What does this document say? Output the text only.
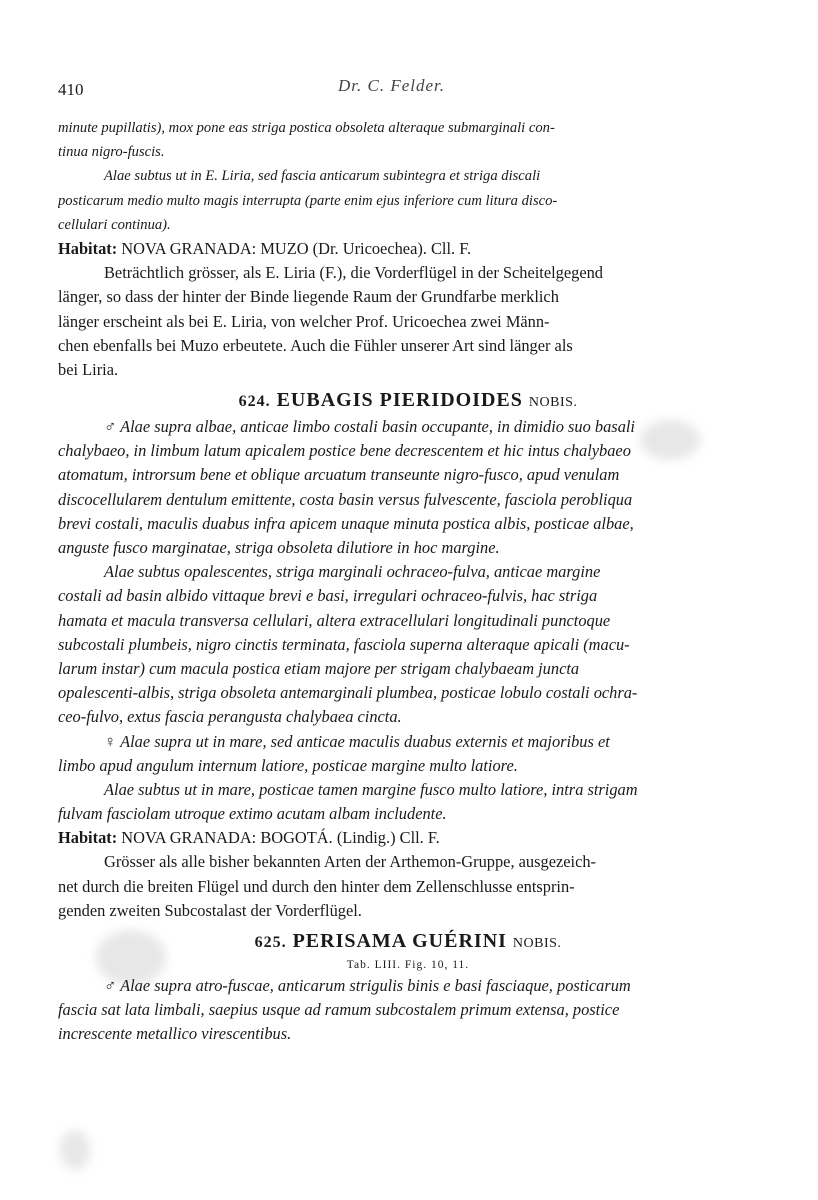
410	Dr. C. Felder.
minute pupillatis), mox pone eas striga postica obsoleta alteraque submarginali con-
tinua nigro-fuscis.
Alae subtus ut in E. Liria, sed fascia anticarum subintegra et striga discali
posticarum medio multo magis interrupta (parte enim ejus inferiore cum litura disco-
cellulari continua).
Habitat: NOVA GRANADA: MUZO (Dr. Uricoechea). Cll. F.
Beträchtlich grösser, als E. Liria (F.), die Vorderflügel in der Scheitelgegend
länger, so dass der hinter der Binde liegende Raum der Grundfarbe merklich
länger erscheint als bei E. Liria, von welcher Prof. Uricoechea zwei Männ-
chen ebenfalls bei Muzo erbeutete. Auch die Fühler unserer Art sind länger als
bei Liria.
624. EUBAGIS PIERIDOIDES NOBIS.
♂ Alae supra albae, anticae limbo costali basin occupante, in dimidio suo basali
chalybaeo, in limbum latum apicalem postice bene decrescentem et hic intus chalybaeo
atomatum, introrsum bene et oblique arcuatum transeunte nigro-fusco, apud venulam
discocellularem dentulum emittente, costa basin versus fulvescente, fasciola perobliqua
brevi costali, maculis duabus infra apicem unaque minuta postica albis, posticae albae,
anguste fusco marginatae, striga obsoleta dilutiore in hoc margine.
Alae subtus opalescentes, striga marginali ochraceo-fulva, anticae margine
costali ad basin albido vittaque brevi e basi, irregulari ochraceo-fulvis, hac striga
hamata et macula transversa cellulari, altera extracellulari longitudinali punctoque
subcostali plumbeis, nigro cinctis terminata, fasciola superna alteraque apicali (macu-
larum instar) cum macula postica etiam majore per strigam chalybaeam juncta
opalescenti-albis, striga obsoleta antemarginali plumbea, posticae lobulo costali ochra-
ceo-fulvo, extus fascia perangusta chalybaea cincta.
♀ Alae supra ut in mare, sed anticae maculis duabus externis et majoribus et
limbo apud angulum internum latiore, posticae margine multo latiore.
Alae subtus ut in mare, posticae tamen margine fusco multo latiore, intra strigam
fulvam fasciolam utroque extimo acutam albam includente.
Habitat: NOVA GRANADA: BOGOTÁ. (Lindig.) Cll. F.
Grösser als alle bisher bekannten Arten der Arthemon-Gruppe, ausgezeich-
net durch die breiten Flügel und durch den hinter dem Zellenschlusse entsprin-
genden zweiten Subcostalast der Vorderflügel.
625. PERISAMA GUÉRINI NOBIS.
Tab. LIII. Fig. 10, 11.
♂ Alae supra atro-fuscae, anticarum strigulis binis e basi fasciaque, posticarum
fascia sat lata limbali, saepius usque ad ramum subcostalem primum extensa, postice
increscente metallico virescentibus.
